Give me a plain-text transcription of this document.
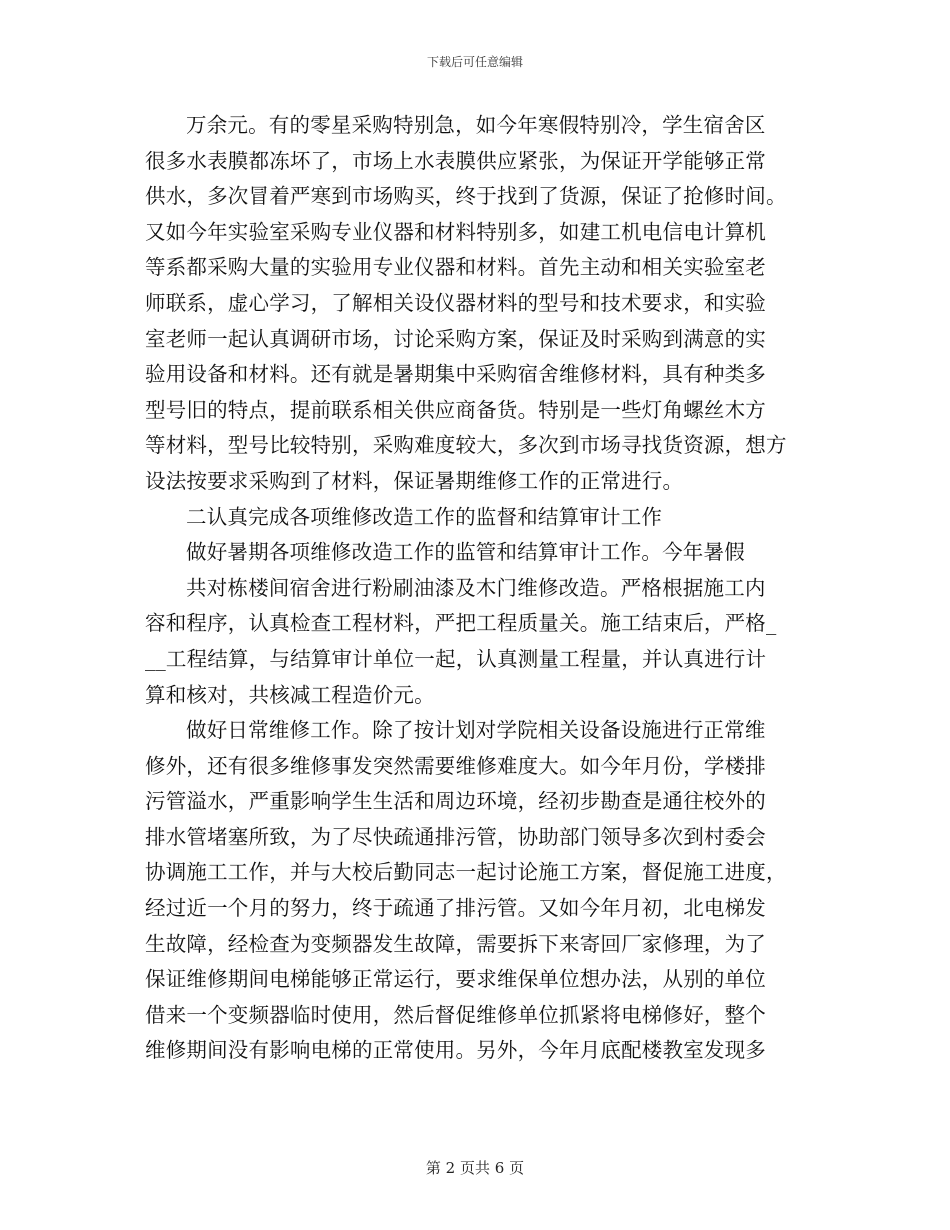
下载后可任意编辑
万余元。有的零星采购特别急，如今年寒假特别冷，学生宿舍区
很多水表膜都冻坏了，市场上水表膜供应紧张，为保证开学能够正常
供水，多次冒着严寒到市场购买，终于找到了货源，保证了抢修时间。
又如今年实验室采购专业仪器和材料特别多，如建工机电信电计算机
等系都采购大量的实验用专业仪器和材料。首先主动和相关实验室老
师联系，虚心学习，了解相关设仪器材料的型号和技术要求，和实验
室老师一起认真调研市场，讨论采购方案，保证及时采购到满意的实
验用设备和材料。还有就是暑期集中采购宿舍维修材料，具有种类多
型号旧的特点，提前联系相关供应商备货。特别是一些灯角螺丝木方
等材料，型号比较特别，采购难度较大，多次到市场寻找货资源，想方
设法按要求采购到了材料，保证暑期维修工作的正常进行。
二认真完成各项维修改造工作的监督和结算审计工作
做好暑期各项维修改造工作的监管和结算审计工作。今年暑假
共对栋楼间宿舍进行粉刷油漆及木门维修改造。严格根据施工内
容和程序，认真检查工程材料，严把工程质量关。施工结束后，严格_
__工程结算，与结算审计单位一起，认真测量工程量，并认真进行计
算和核对，共核减工程造价元。
做好日常维修工作。除了按计划对学院相关设备设施进行正常维
修外，还有很多维修事发突然需要维修难度大。如今年月份，学楼排
污管溢水，严重影响学生生活和周边环境，经初步勘查是通往校外的
排水管堵塞所致，为了尽快疏通排污管，协助部门领导多次到村委会
协调施工工作，并与大校后勤同志一起讨论施工方案，督促施工进度，
经过近一个月的努力，终于疏通了排污管。又如今年月初，北电梯发
生故障，经检查为变频器发生故障，需要拆下来寄回厂家修理，为了
保证维修期间电梯能够正常运行，要求维保单位想办法，从别的单位
借来一个变频器临时使用，然后督促维修单位抓紧将电梯修好，整个
维修期间没有影响电梯的正常使用。另外，今年月底配楼教室发现多
第 2 页共 6 页
